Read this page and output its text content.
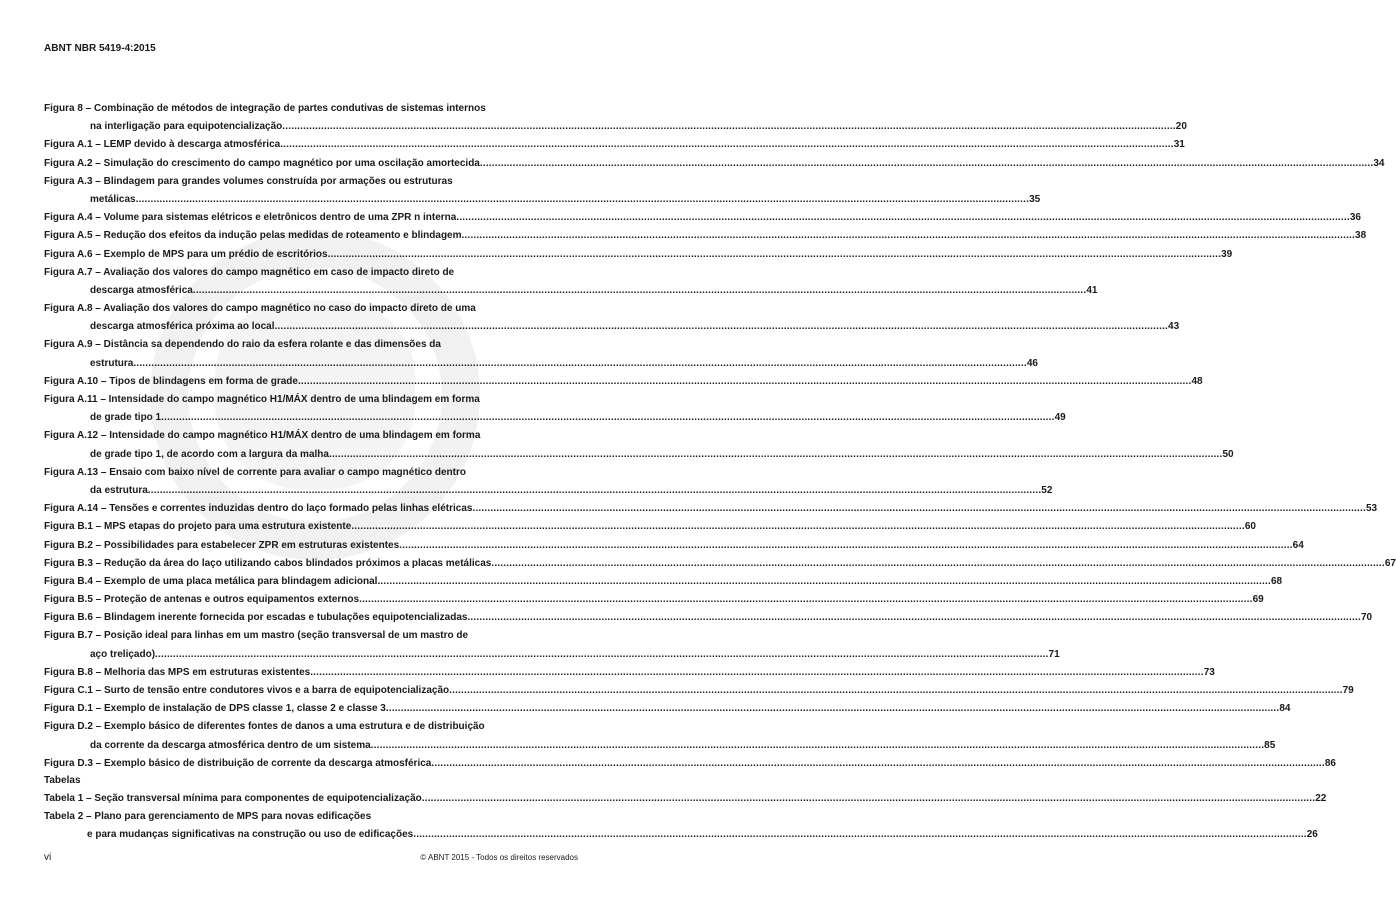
ABNT NBR 5419-4:2015
Figura 8 – Combinação de métodos de integração de partes condutivas de sistemas internos
na interligação para equipotencialização ............................................................................................................................................................................................................................................................................................................ 20
Figura A.1 – LEMP devido à descarga atmosférica ............................................................................................................................................................................................................................................................................................................ 31
Figura A.2 – Simulação do crescimento do campo magnético por uma oscilação amortecida ............................................................................................................................................................................................................................................................................................................ 34
Figura A.3 – Blindagem para grandes volumes construída por armações ou estruturas
metálicas ............................................................................................................................................................................................................................................................................................................ 35
Figura A.4 – Volume para sistemas elétricos e eletrônicos dentro de uma ZPR n interna ............................................................................................................................................................................................................................................................................................................ 36
Figura A.5 – Redução dos efeitos da indução pelas medidas de roteamento e blindagem ............................................................................................................................................................................................................................................................................................................ 38
Figura A.6 – Exemplo de MPS para um prédio de escritórios ............................................................................................................................................................................................................................................................................................................ 39
Figura A.7 – Avaliação dos valores do campo magnético em caso de impacto direto de
descarga atmosférica ............................................................................................................................................................................................................................................................................................................ 41
Figura A.8 – Avaliação dos valores do campo magnético no caso do impacto direto de uma
descarga atmosférica próxima ao local ............................................................................................................................................................................................................................................................................................................ 43
Figura A.9 – Distância sa dependendo do raio da esfera rolante e das dimensões da
estrutura ............................................................................................................................................................................................................................................................................................................ 46
Figura A.10 – Tipos de blindagens em forma de grade ............................................................................................................................................................................................................................................................................................................ 48
Figura A.11 – Intensidade do campo magnético H1/MÁX dentro de uma blindagem em forma
de grade tipo 1 ............................................................................................................................................................................................................................................................................................................ 49
Figura A.12 – Intensidade do campo magnético H1/MÁX dentro de uma blindagem em forma
de grade tipo 1, de acordo com a largura da malha ............................................................................................................................................................................................................................................................................................................ 50
Figura A.13 – Ensaio com baixo nível de corrente para avaliar o campo magnético dentro
da estrutura ............................................................................................................................................................................................................................................................................................................ 52
Figura A.14 – Tensões e correntes induzidas dentro do laço formado pelas linhas elétricas ............................................................................................................................................................................................................................................................................................................ 53
Figura B.1 – MPS etapas do projeto para uma estrutura existente ............................................................................................................................................................................................................................................................................................................ 60
Figura B.2 – Possibilidades para estabelecer ZPR em estruturas existentes ............................................................................................................................................................................................................................................................................................................ 64
Figura B.3 – Redução da área do laço utilizando cabos blindados próximos a placas metálicas ............................................................................................................................................................................................................................................................................................................ 67
Figura B.4 – Exemplo de uma placa metálica para blindagem adicional ............................................................................................................................................................................................................................................................................................................ 68
Figura B.5 – Proteção de antenas e outros equipamentos externos ............................................................................................................................................................................................................................................................................................................ 69
Figura B.6 – Blindagem inerente fornecida por escadas e tubulações equipotencializadas ............................................................................................................................................................................................................................................................................................................ 70
Figura B.7 – Posição ideal para linhas em um mastro (seção transversal de um mastro de
aço treliçado) ............................................................................................................................................................................................................................................................................................................ 71
Figura B.8 – Melhoria das MPS em estruturas existentes ............................................................................................................................................................................................................................................................................................................ 73
Figura C.1 – Surto de tensão entre condutores vivos e a barra de equipotencialização ............................................................................................................................................................................................................................................................................................................ 79
Figura D.1 – Exemplo de instalação de DPS classe 1, classe 2 e classe 3 ............................................................................................................................................................................................................................................................................................................ 84
Figura D.2 – Exemplo básico de diferentes fontes de danos a uma estrutura e de distribuição
da corrente da descarga atmosférica dentro de um sistema ............................................................................................................................................................................................................................................................................................................ 85
Figura D.3 – Exemplo básico de distribuição de corrente da descarga atmosférica ............................................................................................................................................................................................................................................................................................................ 86
Tabelas
Tabela 1 – Seção transversal mínima para componentes de equipotencialização ............................................................................................................................................................................................................................................................................................................ 22
Tabela 2 – Plano para gerenciamento de MPS para novas edificações
e para mudanças significativas na construção ou uso de edificações ............................................................................................................................................................................................................................................................................................................ 26
vi	© ABNT 2015 - Todos os direitos reservados
